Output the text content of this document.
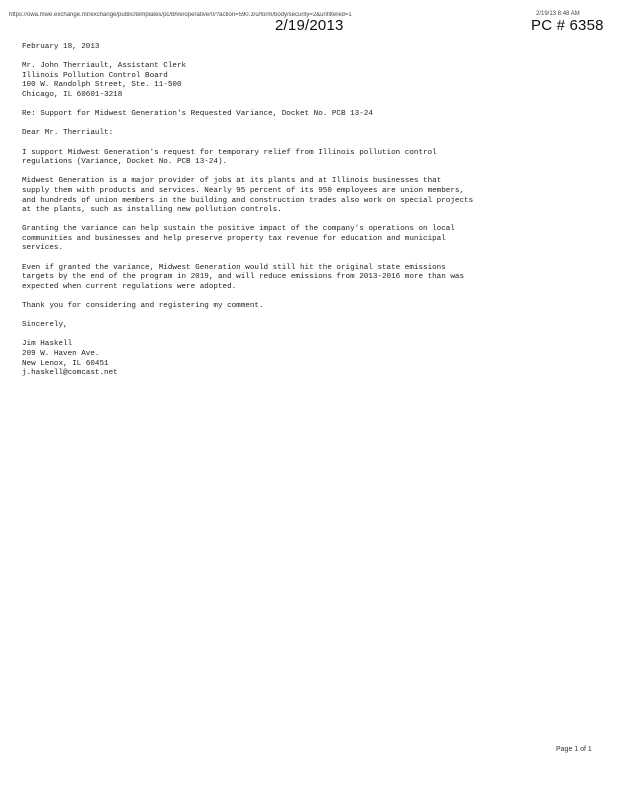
https://owa.mwe.exchange.mr/exchange/public/templates/pc/bh/e/operative/0/?action=590.3/u/form/body/security=2&unfiltered=1	2/19/13 8:48 AM
2/19/2013	PC # 6358

February 18, 2013

Mr. John Therriault, Assistant Clerk
Illinois Pollution Control Board
100 W. Randolph Street, Ste. 11-500
Chicago, IL 60601-3218

Re: Support for Midwest Generation's Requested Variance, Docket No. PCB 13-24

Dear Mr. Therriault:

I support Midwest Generation's request for temporary relief from Illinois pollution control
regulations (Variance, Docket No. PCB 13-24).

Midwest Generation is a major provider of jobs at its plants and at Illinois businesses that
supply them with products and services. Nearly 95 percent of its 950 employees are union members,
and hundreds of union members in the building and construction trades also work on special projects
at the plants, such as installing new pollution controls.

Granting the variance can help sustain the positive impact of the company's operations on local
communities and businesses and help preserve property tax revenue for education and municipal
services.

Even if granted the variance, Midwest Generation would still hit the original state emissions
targets by the end of the program in 2019, and will reduce emissions from 2013-2016 more than was
expected when current regulations were adopted.

Thank you for considering and registering my comment.

Sincerely,

Jim Haskell
209 W. Haven Ave.
New Lenox, IL 60451
j.haskell@comcast.net

Page 1 of 1
